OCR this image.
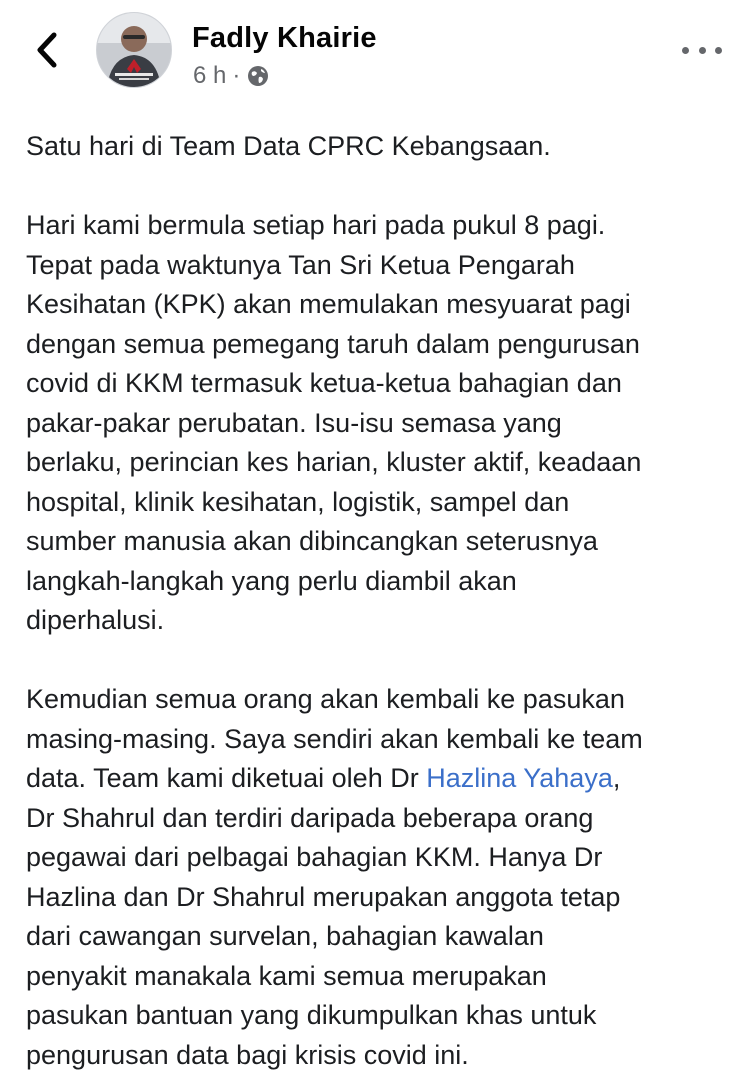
Fadly Khairie
6 h ·

Satu hari di Team Data CPRC Kebangsaan.

Hari kami bermula setiap hari pada pukul 8 pagi.
Tepat pada waktunya Tan Sri Ketua Pengarah
Kesihatan (KPK) akan memulakan mesyuarat pagi
dengan semua pemegang taruh dalam pengurusan
covid di KKM termasuk ketua-ketua bahagian dan
pakar-pakar perubatan. Isu-isu semasa yang
berlaku, perincian kes harian, kluster aktif, keadaan
hospital, klinik kesihatan, logistik, sampel dan
sumber manusia akan dibincangkan seterusnya
langkah-langkah yang perlu diambil akan
diperhalusi.

Kemudian semua orang akan kembali ke pasukan
masing-masing. Saya sendiri akan kembali ke team
data. Team kami diketuai oleh Dr Hazlina Yahaya,
Dr Shahrul dan terdiri daripada beberapa orang
pegawai dari pelbagai bahagian KKM. Hanya Dr
Hazlina dan Dr Shahrul merupakan anggota tetap
dari cawangan survelan, bahagian kawalan
penyakit manakala kami semua merupakan
pasukan bantuan yang dikumpulkan khas untuk
pengurusan data bagi krisis covid ini.
